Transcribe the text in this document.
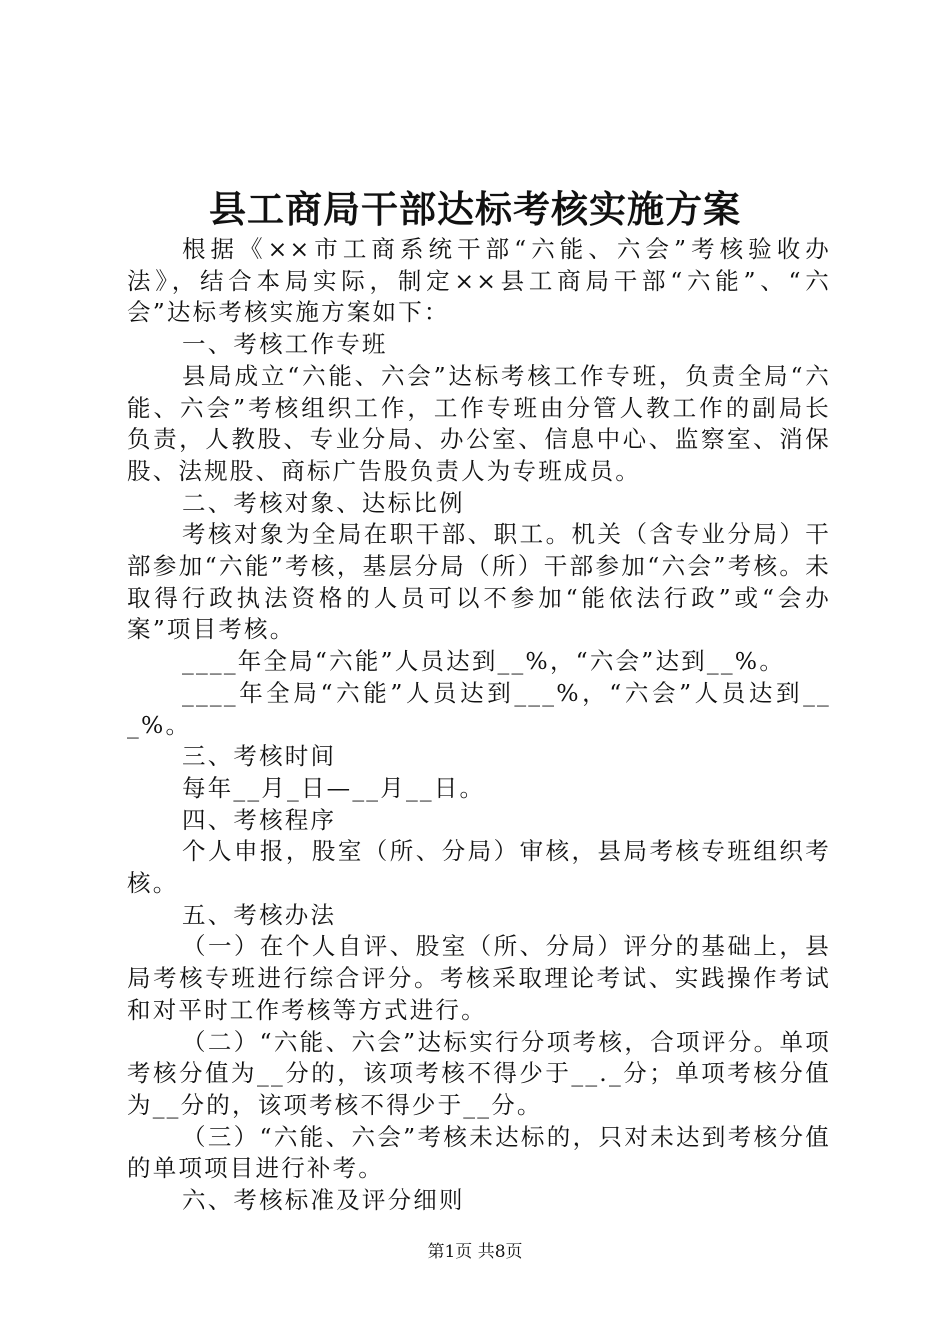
县工商局干部达标考核实施方案

根据《××市工商系统干部“六能、六会”考核验收办法》，结合本局实际，制定××县工商局干部“六能”、“六会”达标考核实施方案如下：

一、考核工作专班

县局成立“六能、六会”达标考核工作专班，负责全局“六能、六会”考核组织工作，工作专班由分管人教工作的副局长负责，人教股、专业分局、办公室、信息中心、监察室、消保股、法规股、商标广告股负责人为专班成员。

二、考核对象、达标比例

考核对象为全局在职干部、职工。机关（含专业分局）干部参加“六能”考核，基层分局（所）干部参加“六会”考核。未取得行政执法资格的人员可以不参加“能依法行政”或“会办案”项目考核。

____年全局“六能”人员达到__%，“六会”达到__%。

____年全局“六能”人员达到___%，“六会”人员达到___%。

三、考核时间

每年__月_日—__月__日。

四、考核程序

个人申报，股室（所、分局）审核，县局考核专班组织考核。

五、考核办法

（一）在个人自评、股室（所、分局）评分的基础上，县局考核专班进行综合评分。考核采取理论考试、实践操作考试和对平时工作考核等方式进行。

（二）“六能、六会”达标实行分项考核，合项评分。单项考核分值为__分的，该项考核不得少于__._分；单项考核分值为__分的，该项考核不得少于__分。

（三）“六能、六会”考核未达标的，只对未达到考核分值的单项项目进行补考。

六、考核标准及评分细则

第1页 共8页
